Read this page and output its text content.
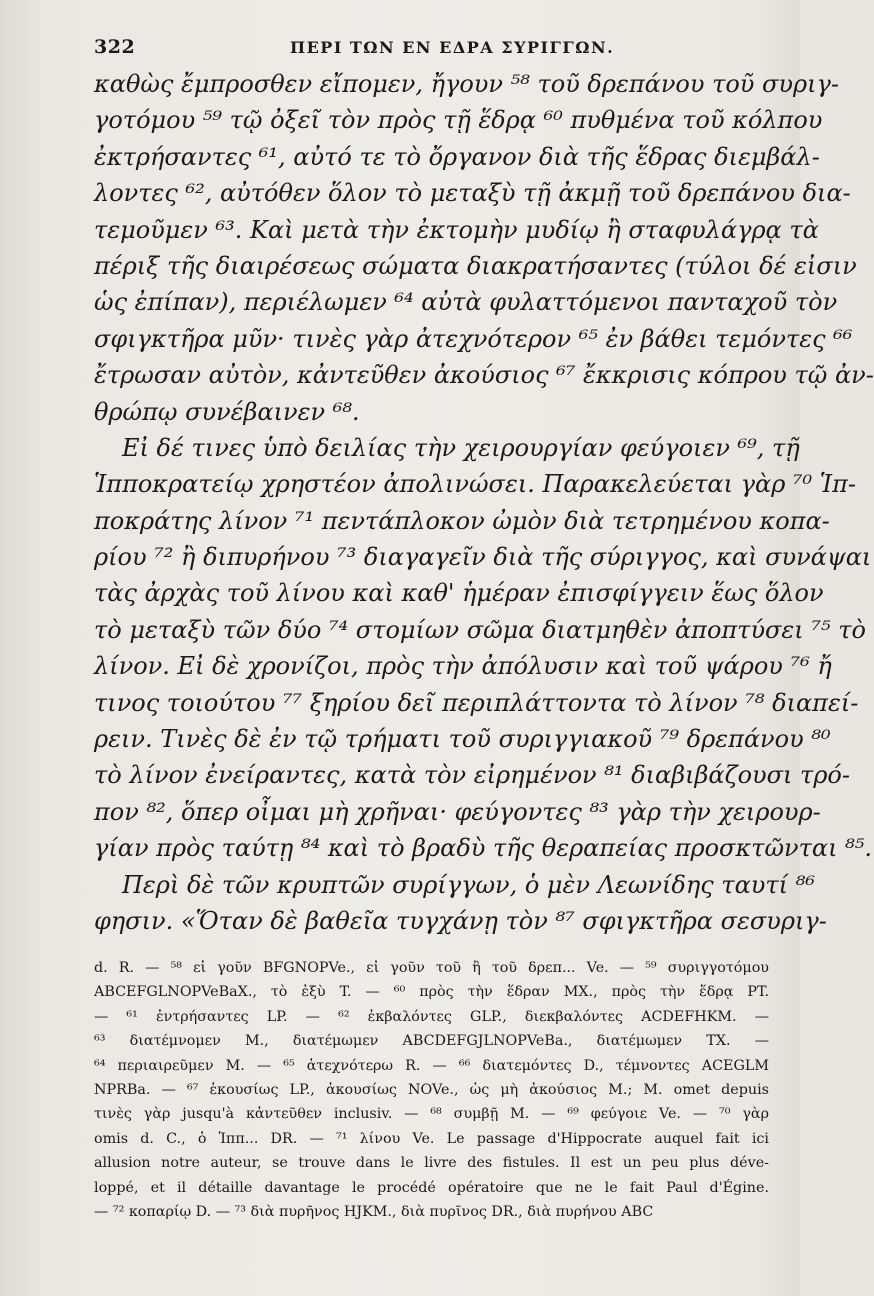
322	ΠΕΡΙ ΤΩΝ ΕΝ ΕΔΡΑ ΣΥΡΙΓΓΩΝ.
καθὼς ἔμπροσθεν εἴπομεν, ἤγουν ⁵⁸ τοῦ δρεπάνου τοῦ συριγ-
γοτόμου ⁵⁹ τῷ ὀξεῖ τὸν πρὸς τῇ ἕδρᾳ ⁶⁰ πυθμένα τοῦ κόλπου
ἐκτρήσαντες ⁶¹, αὐτό τε τὸ ὄργανον διὰ τῆς ἕδρας διεμβάλ-
λοντες ⁶², αὐτόθεν ὅλον τὸ μεταξὺ τῇ ἀκμῇ τοῦ δρεπάνου δια-
τεμοῦμεν ⁶³. Καὶ μετὰ τὴν ἐκτομὴν μυδίῳ ἢ σταφυλάγρᾳ τὰ
πέριξ τῆς διαιρέσεως σώματα διακρατήσαντες (τύλοι δέ εἰσιν
ὡς ἐπίπαν), περιέλωμεν ⁶⁴ αὐτὰ φυλαττόμενοι πανταχοῦ τὸν
σφιγκτῆρα μῦν· τινὲς γὰρ ἀτεχνότερον ⁶⁵ ἐν βάθει τεμόντες ⁶⁶
ἔτρωσαν αὐτὸν, κἀντεῦθεν ἀκούσιος ⁶⁷ ἔκκρισις κόπρου τῷ ἀν-
θρώπῳ συνέβαινεν ⁶⁸.
Εἰ δέ τινες ὑπὸ δειλίας τὴν χειρουργίαν φεύγοιεν ⁶⁹, τῇ
Ἱπποκρατείῳ χρηστέον ἀπολινώσει. Παρακελεύεται γὰρ ⁷⁰ Ἱπ-
ποκράτης λίνον ⁷¹ πεντάπλοκον ὠμὸν διὰ τετρημένου κοπα-
ρίου ⁷² ἢ διπυρήνου ⁷³ διαγαγεῖν διὰ τῆς σύριγγος, καὶ συνάψαι
τὰς ἀρχὰς τοῦ λίνου καὶ καθ' ἡμέραν ἐπισφίγγειν ἕως ὅλον
τὸ μεταξὺ τῶν δύο ⁷⁴ στομίων σῶμα διατμηθὲν ἀποπτύσει ⁷⁵ τὸ
λίνον. Εἰ δὲ χρονίζοι, πρὸς τὴν ἀπόλυσιν καὶ τοῦ ψάρου ⁷⁶ ἤ
τινος τοιούτου ⁷⁷ ξηρίου δεῖ περιπλάττοντα τὸ λίνον ⁷⁸ διαπεί-
ρειν. Τινὲς δὲ ἐν τῷ τρήματι τοῦ συριγγιακοῦ ⁷⁹ δρεπάνου ⁸⁰
τὸ λίνον ἐνείραντες, κατὰ τὸν εἰρημένον ⁸¹ διαβιβάζουσι τρό-
πον ⁸², ὅπερ οἶμαι μὴ χρῆναι· φεύγοντες ⁸³ γὰρ τὴν χειρουρ-
γίαν πρὸς ταύτῃ ⁸⁴ καὶ τὸ βραδὺ τῆς θεραπείας προσκτῶνται ⁸⁵.
Περὶ δὲ τῶν κρυπτῶν συρίγγων, ὁ μὲν Λεωνίδης ταυτί ⁸⁶
φησιν. «Ὅταν δὲ βαθεῖα τυγχάνῃ τὸν ⁸⁷ σφιγκτῆρα σεσυριγ-
d. R. — ⁵⁸ εἰ γοῦν BFGNOPVe., εἰ γοῦν τοῦ ἢ τοῦ δρεπ... Ve. — ⁵⁹ συριγγοτόμου
ABCEFGLNOPVeBaX., τὸ ἐξὺ T. — ⁶⁰ πρὸς τὴν ἕδραν MX., πρὸς τὴν ἕδρᾳ PT.
— ⁶¹ ἐντρήσαντες LP. — ⁶² ἐκβαλόντες GLP., διεκβαλόντες ACDEFHKM. —
⁶³ διατέμνομεν M., διατέμωμεν ABCDEFGJLNOPVeBa., διατέμωμεν TX. —
⁶⁴ περιαιρεῦμεν M. — ⁶⁵ ἀτεχνότερω R. — ⁶⁶ διατεμόντες D., τέμνοντες ACEGLM
NPRBa. — ⁶⁷ ἑκουσίως LP., ἀκουσίως NOVe., ὡς μὴ ἀκούσιος M.; M. omet depuis
τινὲς γὰρ jusqu'à κἀντεῦθεν inclusiv. — ⁶⁸ συμβῇ M. — ⁶⁹ φεύγοιε Ve. — ⁷⁰ γὰρ
omis d. C., ὁ Ἱππ... DR. — ⁷¹ λίνου Ve. Le passage d'Hippocrate auquel fait ici
allusion notre auteur, se trouve dans le livre des fistules. Il est un peu plus déve-
loppé, et il détaille davantage le procédé opératoire que ne le fait Paul d'Égine.
— ⁷² κοπαρίῳ D. — ⁷³ διὰ πυρῆνος HJKM., διὰ πυρῖνος DR., διὰ πυρήνου ABC
